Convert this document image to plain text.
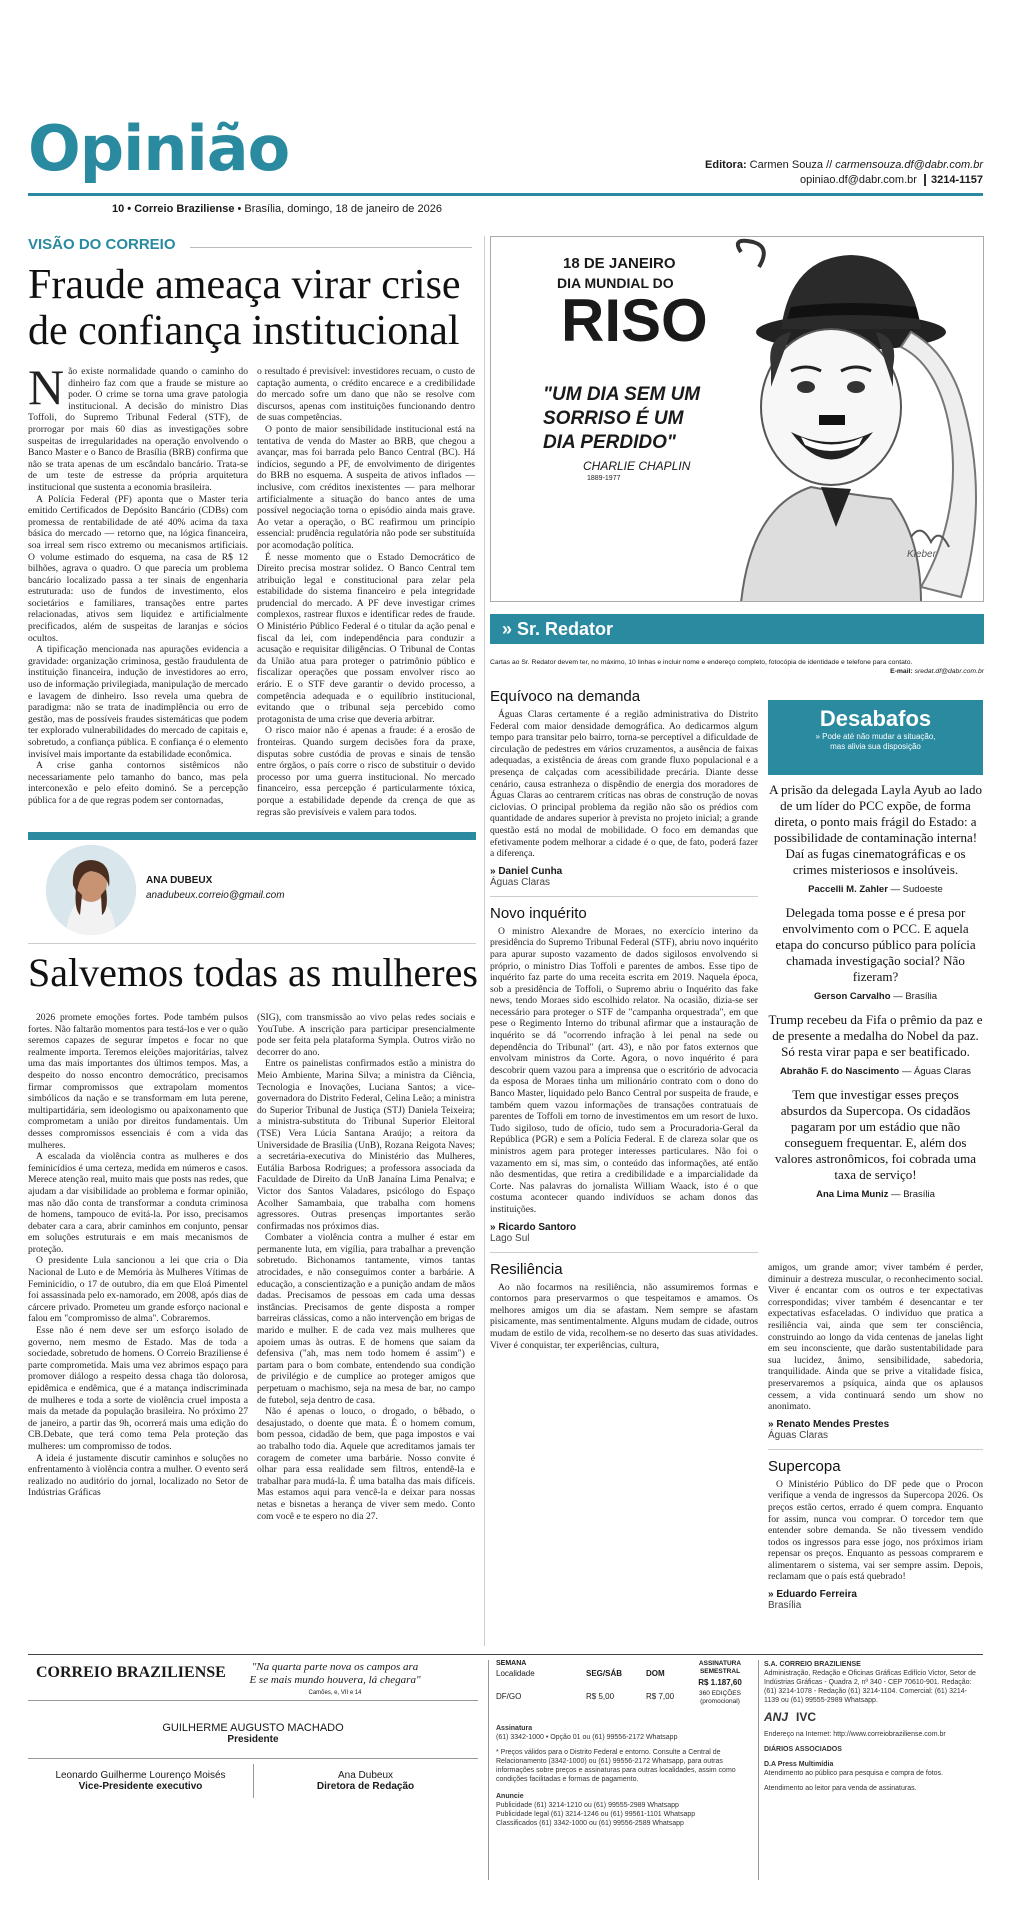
Opinião
10 • Correio Braziliense • Brasília, domingo, 18 de janeiro de 2026
Editora: Carmen Souza // carmensouza.df@dabr.com.br
opiniao.df@dabr.com.br 3214-1157
VISÃO DO CORREIO
Fraude ameaça virar crise
de confiança institucional
N ão existe normalidade quando o caminho do dinheiro faz com que a fraude se misture ao poder. O crime se torna uma grave patologia institucional. A decisão do ministro Dias Toffoli, do Supremo Tribunal Federal (STF), de prorrogar por mais 60 dias as investigações sobre suspeitas de irregularidades na operação envolvendo o Banco Master e o Banco de Brasília (BRB) confirma que não se trata apenas de um escândalo bancário. Trata-se de um teste de estresse da própria arquitetura institucional que sustenta a economia brasileira.

A Polícia Federal (PF) aponta que o Master teria emitido Certificados de Depósito Bancário (CDBs) com promessa de rentabilidade de até 40% acima da taxa básica do mercado — retorno que, na lógica financeira, soa irreal sem risco extremo ou mecanismos artificiais. O volume estimado do esquema, na casa de R$ 12 bilhões, agrava o quadro. O que parecia um problema bancário localizado passa a ter sinais de engenharia estruturada: uso de fundos de investimento, elos societários e familiares, transações entre partes relacionadas, ativos sem liquidez e artificialmente precificados, além de suspeitas de laranjas e sócios ocultos.

A tipificação mencionada nas apurações evidencia a gravidade: organização criminosa, gestão fraudulenta de instituição financeira, indução de investidores ao erro, uso de informação privilegiada, manipulação de mercado e lavagem de dinheiro. Isso revela uma quebra de paradigma: não se trata de inadimplência ou erro de gestão, mas de possíveis fraudes sistemáticas que podem ter explorado vulnerabilidades do mercado de capitais e, sobretudo, a confiança pública. E confiança é o elemento invisível mais importante da estabilidade econômica.

A crise ganha contornos sistêmicos não necessariamente pelo tamanho do banco, mas pela interconexão e pelo efeito dominó. Se a percepção pública for a de que regras podem ser contornadas,

o resultado é previsível: investidores recuam, o custo de captação aumenta, o crédito encarece e a credibilidade do mercado sofre um dano que não se resolve com discursos, apenas com instituições funcionando dentro de suas competências.

O ponto de maior sensibilidade institucional está na tentativa de venda do Master ao BRB, que chegou a avançar, mas foi barrada pelo Banco Central (BC). Há indícios, segundo a PF, de envolvimento de dirigentes do BRB no esquema. A suspeita de ativos inflados — inclusive, com créditos inexistentes — para melhorar artificialmente a situação do banco antes de uma possível negociação torna o episódio ainda mais grave. Ao vetar a operação, o BC reafirmou um princípio essencial: prudência regulatória não pode ser substituída por acomodação política.

É nesse momento que o Estado Democrático de Direito precisa mostrar solidez. O Banco Central tem atribuição legal e constitucional para zelar pela estabilidade do sistema financeiro e pela integridade prudencial do mercado. A PF deve investigar crimes complexos, rastrear fluxos e identificar redes de fraude. O Ministério Público Federal é o titular da ação penal e fiscal da lei, com independência para conduzir a acusação e requisitar diligências. O Tribunal de Contas da União atua para proteger o patrimônio público e fiscalizar operações que possam envolver risco ao erário. E o STF deve garantir o devido processo, a competência adequada e o equilíbrio institucional, evitando que o tribunal seja percebido como protagonista de uma crise que deveria arbitrar.

O risco maior não é apenas a fraude: é a erosão de fronteiras. Quando surgem decisões fora da praxe, disputas sobre custódia de provas e sinais de tensão entre órgãos, o país corre o risco de substituir o devido processo por uma guerra institucional. No mercado financeiro, essa percepção é particularmente tóxica, porque a estabilidade depende da crença de que as regras são previsíveis e valem para todos.

ANA DUBEUX
anadubeux.correio@gmail.com
Salvemos todas as mulheres

2026 promete emoções fortes. Pode também pulsos fortes. Não faltarão momentos para testá-los e ver o quão seremos capazes de segurar ímpetos e focar no que realmente importa. Teremos eleições majoritárias, talvez uma das mais importantes dos últimos tempos. Mas, a despeito do nosso encontro democrático, precisamos firmar compromissos que extrapolam momentos simbólicos da nação e se transformam em luta perene, multipartidária, sem ideologismo ou apaixonamento que comprometam a união por direitos fundamentais. Um desses compromissos essenciais é com a vida das mulheres.

A escalada da violência contra as mulheres e dos feminicídios é uma certeza, medida em números e casos. Merece atenção real, muito mais que posts nas redes, que ajudam a dar visibilidade ao problema e formar opinião, mas não dão conta de transformar a conduta criminosa de homens, tampouco de evitá-la. Por isso, precisamos debater cara a cara, abrir caminhos em conjunto, pensar em soluções estruturais e em mais mecanismos de proteção.

O presidente Lula sancionou a lei que cria o Dia Nacional de Luto e de Memória às Mulheres Vítimas de Feminicídio, o 17 de outubro, dia em que Eloá Pimentel foi assassinada pelo ex-namorado, em 2008, após dias de cárcere privado. Prometeu um grande esforço nacional e falou em "compromisso de alma". Cobraremos.

Esse não é nem deve ser um esforço isolado de governo, nem mesmo de Estado. Mas de toda a sociedade, sobretudo de homens. O Correio Braziliense é parte comprometida. Mais uma vez abrimos espaço para promover diálogo a respeito dessa chaga tão dolorosa, epidêmica e endêmica, que é a matança indiscriminada de mulheres e toda a sorte de violência cruel imposta a mais da metade da população brasileira. No próximo 27 de janeiro, a partir das 9h, ocorrerá mais uma edição do CB.Debate, que terá como tema Pela proteção das mulheres: um compromisso de todos.

A ideia é justamente discutir caminhos e soluções no enfrentamento à violência contra a mulher. O evento será realizado no auditório do jornal, localizado no Setor de Indústrias Gráficas

(SIG), com transmissão ao vivo pelas redes sociais e YouTube. A inscrição para participar presencialmente pode ser feita pela plataforma Sympla. Outros virão no decorrer do ano.

Entre os painelistas confirmados estão a ministra do Meio Ambiente, Marina Silva; a ministra da Ciência, Tecnologia e Inovações, Luciana Santos; a vice-governadora do Distrito Federal, Celina Leão; a ministra do Superior Tribunal de Justiça (STJ) Daniela Teixeira; a ministra-substituta do Tribunal Superior Eleitoral (TSE) Vera Lúcia Santana Araújo; a reitora da Universidade de Brasília (UnB), Rozana Reigota Naves; a secretária-executiva do Ministério das Mulheres, Eutália Barbosa Rodrigues; a professora associada da Faculdade de Direito da UnB Janaína Lima Penalva; e Victor dos Santos Valadares, psicólogo do Espaço Acolher Samambaia, que trabalha com homens agressores. Outras presenças importantes serão confirmadas nos próximos dias.

Combater a violência contra a mulher é estar em permanente luta, em vigília, para trabalhar a prevenção sobretudo. Bichonamos tantamente, vimos tantas atrocidades, e não conseguimos conter a barbárie. A educação, a conscientização e a punição andam de mãos dadas. Precisamos de pessoas em cada uma dessas instâncias. Precisamos de gente disposta a romper barreiras clássicas, como a não intervenção em brigas de marido e mulher. E de cada vez mais mulheres que apoiem umas às outras. E de homens que saiam da defensiva ("ah, mas nem todo homem é assim") e partam para o bom combate, entendendo sua condição de privilégio e de cumplice ao proteger amigos que perpetuam o machismo, seja na mesa de bar, no campo de futebol, seja dentro de casa.

Não é apenas o louco, o drogado, o bêbado, o desajustado, o doente que mata. É o homem comum, bom pessoa, cidadão de bem, que paga impostos e vai ao trabalho todo dia. Aquele que acreditamos jamais ter coragem de cometer uma barbárie. Nosso convite é olhar para essa realidade sem filtros, entendê-la e trabalhar para mudá-la. É uma batalha das mais difíceis. Mas estamos aqui para vencê-la e deixar para nossas netas e bisnetas a herança de viver sem medo. Conto com você e te espero no dia 27.

18 DE JANEIRO
DIA MUNDIAL DO
RISO
"UM DIA SEM UM
SORRISO É UM
DIA PERDIDO"
CHARLIE CHAPLIN
1889-1977
Kleber
» Sr. Redator
Cartas ao Sr. Redator devem ter, no máximo, 10 linhas e incluir nome e endereço completo, fotocópia de identidade e telefone para contato.

E-mail: sredat.df@dabr.com.br
Equívoco na demanda

Águas Claras certamente é a região administrativa do Distrito Federal com maior densidade demográfica. Ao dedicarmos algum tempo para transitar pelo bairro, torna-se perceptível a dificuldade de circulação de pedestres em vários cruzamentos, a ausência de faixas adequadas, a existência de áreas com grande fluxo populacional e a presença de calçadas com acessibilidade precária. Diante desse cenário, causa estranheza o dispêndio de energia dos moradores de Águas Claras ao centrarem críticas nas obras de construção de novas ciclovias. O principal problema da região não são os prédios com quantidade de andares superior à prevista no projeto inicial; a grande questão está no modal de mobilidade. O foco em demandas que efetivamente podem melhorar a cidade é o que, de fato, poderá fazer a diferença.

» Daniel Cunha
Águas Claras
Novo inquérito

O ministro Alexandre de Moraes, no exercício interino da presidência do Supremo Tribunal Federal (STF), abriu novo inquérito para apurar suposto vazamento de dados sigilosos envolvendo si próprio, o ministro Dias Toffoli e parentes de ambos. Esse tipo de inquérito faz parte do uma receita escrita em 2019. Naquela época, sob a presidência de Toffoli, o Supremo abriu o Inquérito das fake news, tendo Moraes sido escolhido relator. Na ocasião, dizia-se ser necessário para proteger o STF de "campanha orquestrada", em que pese o Regimento Interno do tribunal afirmar que a instauração de inquérito se dá "ocorrendo infração à lei penal na sede ou dependência do Tribunal" (art. 43), e não por fatos externos que envolvam ministros da Corte. Agora, o novo inquérito é para descobrir quem vazou para a imprensa que o escritório de advocacia da esposa de Moraes tinha um milionário contrato com o dono do Banco Master, liquidado pelo Banco Central por suspeita de fraude, e também quem vazou informações de transações contratuais de parentes de Toffoli em torno de investimentos em um resort de luxo. Tudo sigiloso, tudo de ofício, tudo sem a Procuradoria-Geral da República (PGR) e sem a Polícia Federal. E de clareza solar que os ministros agem para proteger interesses particulares. Não foi o vazamento em si, mas sim, o conteúdo das informações, até então não desmentidas, que retira a credibilidade e a imparcialidade da Corte. Nas palavras do jornalista William Waack, isto é o que costuma acontecer quando indivíduos se acham donos das instituições.

» Ricardo Santoro
Lago Sul
Resiliência

Ao não focarmos na resiliência, não assumiremos formas e contornos para preservarmos o que tespeitamos e amamos. Os melhores amigos um dia se afastam. Nem sempre se afastam pisicamente, mas sentimentalmente. Alguns mudam de cidade, outros mudam de estilo de vida, recolhem-se no deserto das suas atividades. Viver é conquistar, ter experiências, cultura,

Desabafos
» Pode até não mudar a situação,
mas alivia sua disposição
A prisão da delegada Layla Ayub ao lado de um líder do PCC expõe, de forma direta, o ponto mais frágil do Estado: a possibilidade de contaminação interna! Daí as fugas cinematográficas e os crimes misteriosos e insolúveis.
Paccelli M. Zahler — Sudoeste
Delegada toma posse e é presa por envolvimento com o PCC. E aquela etapa do concurso público para polícia chamada investigação social? Não fizeram?
Gerson Carvalho — Brasília
Trump recebeu da Fifa o prêmio da paz e de presente a medalha do Nobel da paz. Só resta virar papa e ser beatificado.
Abrahão F. do Nascimento — Águas Claras
Tem que investigar esses preços absurdos da Supercopa. Os cidadãos pagaram por um estádio que não conseguem frequentar. E, além dos valores astronômicos, foi cobrada uma taxa de serviço!
Ana Lima Muniz — Brasília

amigos, um grande amor; viver também é perder, diminuir a destreza muscular, o reconhecimento social. Viver é encantar com os outros e ter expectativas correspondidas; viver também é desencantar e ter expectativas esfaceladas. O indivíduo que pratica a resiliência vai, ainda que sem ter consciência, construindo ao longo da vida centenas de janelas light em seu inconsciente, que darão sustentabilidade para sua lucidez, ânimo, sensibilidade, sabedoria, tranquilidade. Ainda que se prive a vitalidade física, preservaremos a psíquica, ainda que os aplausos cessem, a vida continuará sendo um show no anonimato.

» Renato Mendes Prestes
Águas Claras
Supercopa

O Ministério Público do DF pede que o Procon verifique a venda de ingressos da Supercopa 2026. Os preços estão certos, errado é quem compra. Enquanto for assim, nunca vou comprar. O torcedor tem que entender sobre demanda. Se não tivessem vendido todos os ingressos para esse jogo, nos próximos iriam repensar os preços. Enquanto as pessoas comprarem e alimentarem o sistema, vai ser sempre assim. Depois, reclamam que o país está quebrado!

» Eduardo Ferreira
Brasília
CORREIO BRAZILIENSE	"Na quarta parte nova os campos ara
E se mais mundo houvera, lá chegara"
Camões, e, VII e 14
GUILHERME AUGUSTO MACHADO
Presidente
Leonardo Guilherme Lourenço Moisés
Vice-Presidente executivo
Ana Dubeux
Diretora de Redação
SEMANA
Localidade	SEG/SÁB	DOM
DF/GO	R$ 5,00	R$ 7,00
ASSINATURA SEMESTRAL
R$ 1.187,60
360 EDIÇÕES (promocional)
Assinatura
(61) 3342-1000 • Opção 01 ou (61) 99556-2172 Whatsapp
* Preços válidos para o Distrito Federal e entorno. Consulte a Central de Relacionamento (3342-1000) ou (61) 99556-2172 Whatsapp, para outras informações sobre preços e assinaturas para outras localidades, assim como condições facilitadas e formas de pagamento.
Anuncie
Publicidade (61) 3214-1210 ou (61) 99555-2989 Whatsapp
Publicidade legal (61) 3214-1246 ou (61) 99561-1101 Whatsapp
Classificados (61) 3342-1000 ou (61) 99556-2589 Whatsapp
S.A. CORREIO BRAZILIENSE
Administração, Redação e Oficinas Gráficas Edifício Victor, Setor de Indústrias Gráficas - Quadra 2, nº 340 - CEP 70610-901. Redação: (61) 3214-1078 - Redação (61) 3214-1104. Comercial: (61) 3214-1139 ou (61) 99555-2989 Whatsapp.
ANJ IVC
Endereço na Internet: http://www.correiobraziliense.com.br
DIÁRIOS ASSOCIADOS
D.A Press Multimídia
Atendimento ao público para pesquisa e compra de fotos.
Atendimento ao leitor para venda de assinaturas.
